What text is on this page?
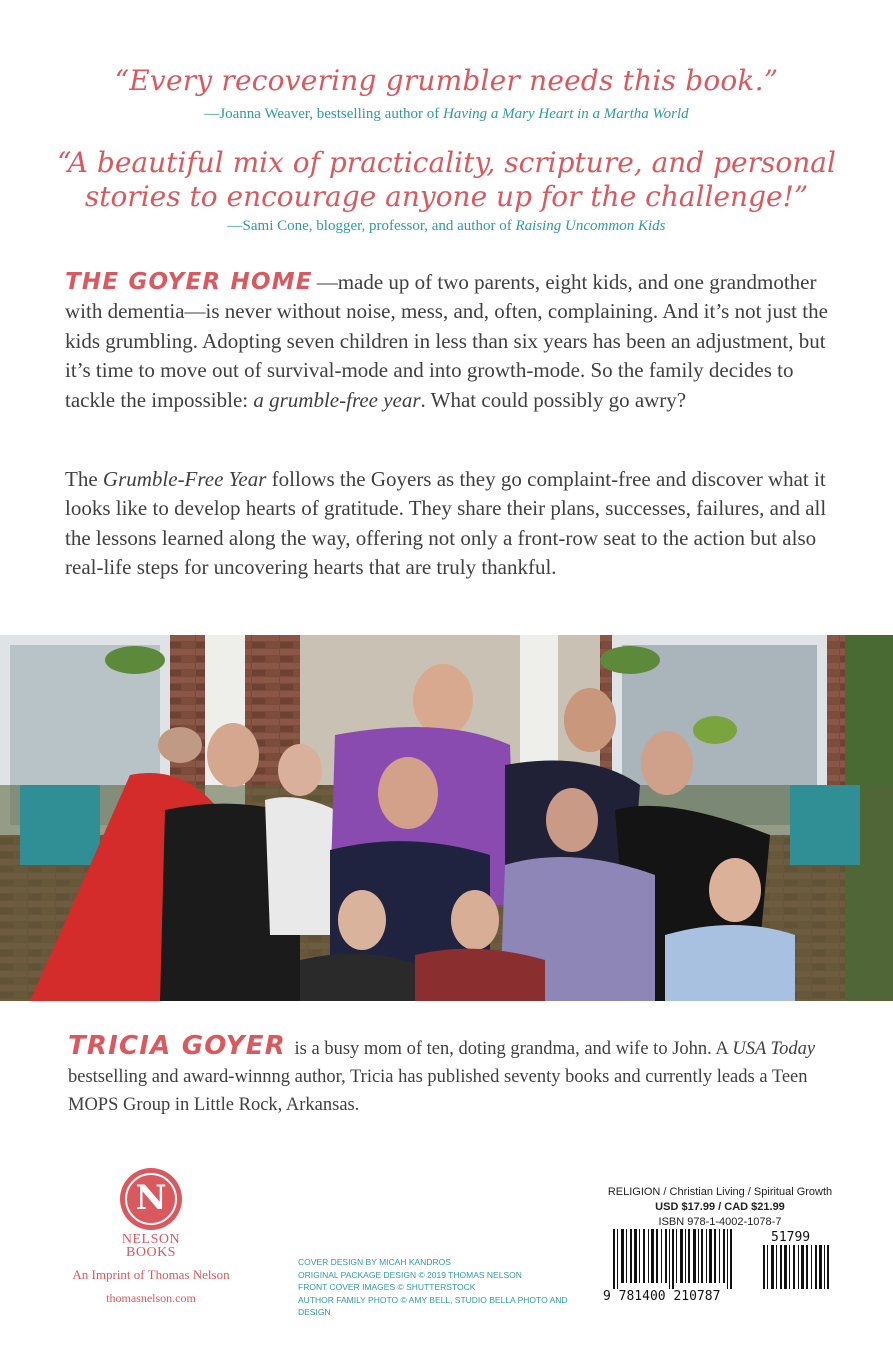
“Every recovering grumbler needs this book.”
—Joanna Weaver, bestselling author of Having a Mary Heart in a Martha World
“A beautiful mix of practicality, scripture, and personal
stories to encourage anyone up for the challenge!”
—Sami Cone, blogger, professor, and author of Raising Uncommon Kids
THE GOYER HOME —made up of two parents, eight kids, and one grandmother with dementia—is never without noise, mess, and, often, complaining. And it’s not just the kids grumbling. Adopting seven children in less than six years has been an adjustment, but it’s time to move out of survival-mode and into growth-mode. So the family decides to tackle the impossible: a grumble-free year. What could possibly go awry?
The Grumble-Free Year follows the Goyers as they go complaint-free and discover what it looks like to develop hearts of gratitude. They share their plans, successes, failures, and all the lessons learned along the way, offering not only a front-row seat to the action but also real-life steps for uncovering hearts that are truly thankful.
TRICIA GOYER is a busy mom of ten, doting grandma, and wife to John. A USA Today bestselling and award-winnng author, Tricia has published seventy books and currently leads a Teen MOPS Group in Little Rock, Arkansas.
N
NELSON
BOOKS
An Imprint of Thomas Nelson
thomasnelson.com
COVER DESIGN BY MICAH KANDROS
ORIGINAL PACKAGE DESIGN © 2019 THOMAS NELSON
FRONT COVER IMAGES © SHUTTERSTOCK
AUTHOR FAMILY PHOTO © AMY BELL, STUDIO BELLA PHOTO AND DESIGN
RELIGION / Christian Living / Spiritual Growth
USD $17.99 / CAD $21.99
ISBN 978-1-4002-1078-7
9 781400 210787
51799
